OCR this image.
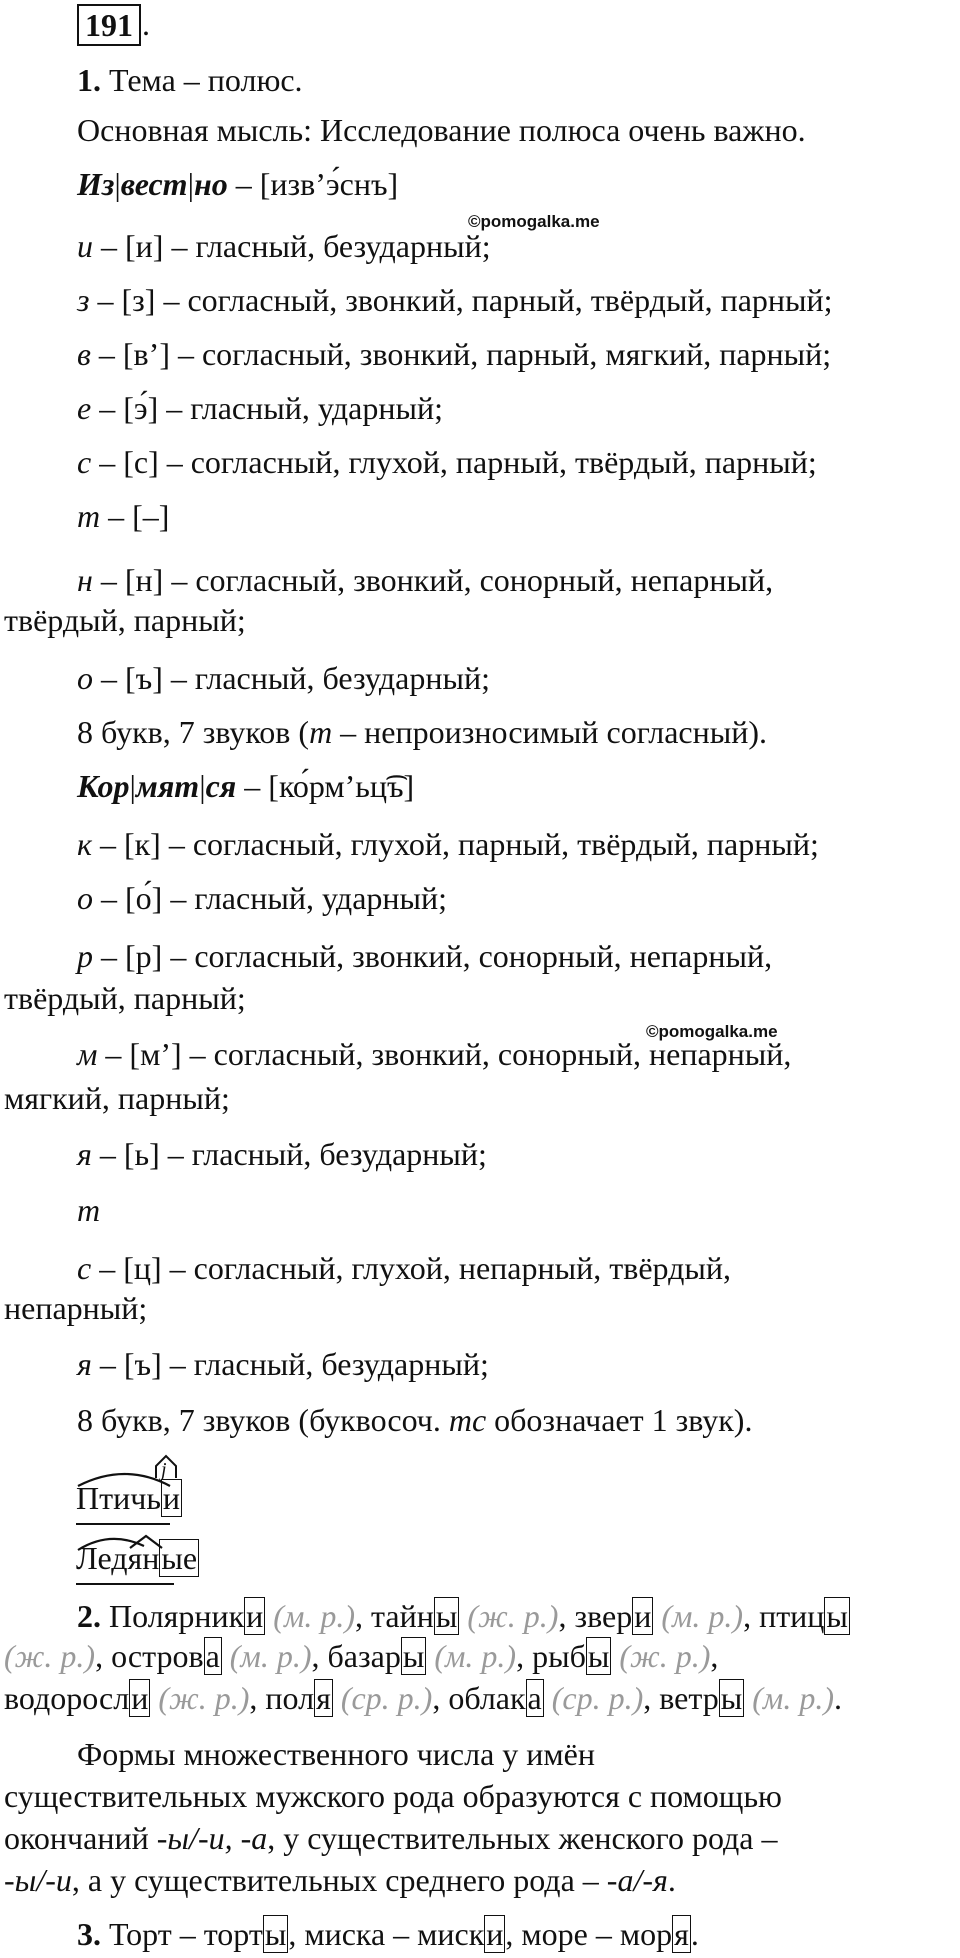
191 .
1. Тема – полюс.
Основная мысль: Исследование полюса очень важно.
Из|вест|но – [изв’э́снъ]
©pomogalka.me
и – [и] – гласный, безударный;
з – [з] – согласный, звонкий, парный, твёрдый, парный;
в – [в’] – согласный, звонкий, парный, мягкий, парный;
е – [э́] – гласный, ударный;
с – [с] – согласный, глухой, парный, твёрдый, парный;
т – [–]
н – [н] – согласный, звонкий, сонорный, непарный,
твёрдый, парный;
о – [ъ] – гласный, безударный;
8 букв, 7 звуков (т – непроизносимый согласный).
Кор|мят|ся – [ко́рм’ьц͡ъ]
к – [к] – согласный, глухой, парный, твёрдый, парный;
о – [о́] – гласный, ударный;
р – [р] – согласный, звонкий, сонорный, непарный,
твёрдый, парный;
©pomogalka.me
м – [м’] – согласный, звонкий, сонорный, непарный,
мягкий, парный;
я – [ь] – гласный, безударный;
т
с – [ц] – согласный, глухой, непарный, твёрдый,
непарный;
я – [ъ] – гласный, безударный;
8 букв, 7 звуков (буквосоч. тс обозначает 1 звук).
j
Птичьи
Ледяные
2. Полярники (м. р.), тайны (ж. р.), звери (м. р.), птицы
(ж. р.), острова (м. р.), базары (м. р.), рыбы (ж. р.),
водоросли (ж. р.), поля (ср. р.), облака (ср. р.), ветры (м. р.).
Формы множественного числа у имён
существительных мужского рода образуются с помощью
окончаний -ы/-и, -а, у существительных женского рода –
-ы/-и, а у существительных среднего рода – -а/-я.
3. Торт – торты, миска – миски, море – моря.
